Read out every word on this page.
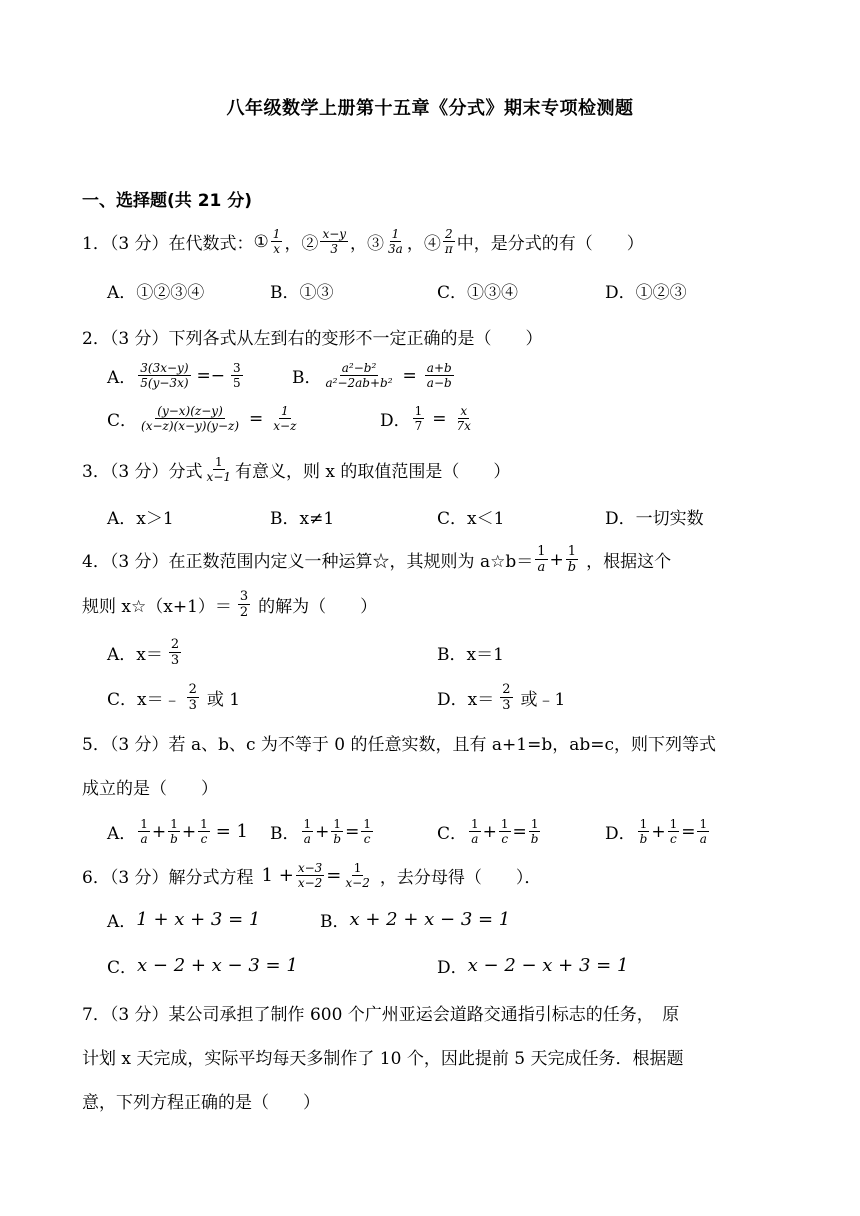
八年级数学上册第十五章《分式》期末专项检测题
一、选择题(共 21 分)
1．（3 分） 在代数式： ① $\frac{1}{x}$ ，② $\frac{x-y}{3}$ ，③ $\frac{1}{3a}$ ，④ $\frac{2}{\pi}$ 中，是分式的有（　　）
A．①②③④	B．①③	C．①③④	D．①②③
2．（3 分） 下列各式从左到右的变形不一定正确的是（　　）
A． $\frac{3(3x-y)}{5(y-3x)} =- \frac{3}{5}$	B． $\frac{\text{a²−b²}}{\text{a²−2ab+b²}} = \frac{a+b}{a-b}$
C． $\frac{(y-x)(z-y)}{(x-z)(x-y)(y-z)} = \frac{1}{x-z}$	D． $\frac{1}{7} = \frac{x}{7x}$
3．（3 分） 分式 $\frac{1}{x-1}$ 有意义，则 x 的取值范围是（　　）
A．x＞1	B．x≠1	C．x＜1	D．一切实数
4．（3 分） 在正数范围内定义一种运算☆，其规则为 a☆b＝ $\frac{1}{a} + \frac{1}{b}$ ，根据这个
规则 x☆（x+1）＝ $\frac{3}{2}$ 的解为（　　）
A．$x= \frac{2}{3}$	B．x＝1
C．x＝﹣ $\frac{2}{3}$ 或 1	D．$x= \frac{2}{3}$ 或﹣1
5．（3 分） 若 a、b、c 为不等于 0 的任意实数，且有 a+1=b，ab=c，则下列等式
成立的是（　　）
A． $\frac{1}{a} + \frac{1}{b} + \frac{1}{c} = 1$ B． $\frac{1}{a} + \frac{1}{b} = \frac{1}{c}$	C． $\frac{1}{a} + \frac{1}{c} = \frac{1}{b}$	D． $\frac{1}{b} + \frac{1}{c} = \frac{1}{a}$
6．（3 分） 解分式方程 $1 + \frac{x-3}{x-2} = \frac{1}{x-2}$ ，去分母得（　　）．
A． 1 + x + 3 = 1	B． x + 2 + x − 3 = 1
C． x − 2 + x − 3 = 1	D． x − 2 − x + 3 = 1
7．（3 分） 某公司承担了制作 600 个广州亚运会道路交通指引标志的任务，　原
计划 x 天完成，实际平均每天多制作了 10 个，因此提前 5 天完成任务．根据题
意，下列方程正确的是（　　）
